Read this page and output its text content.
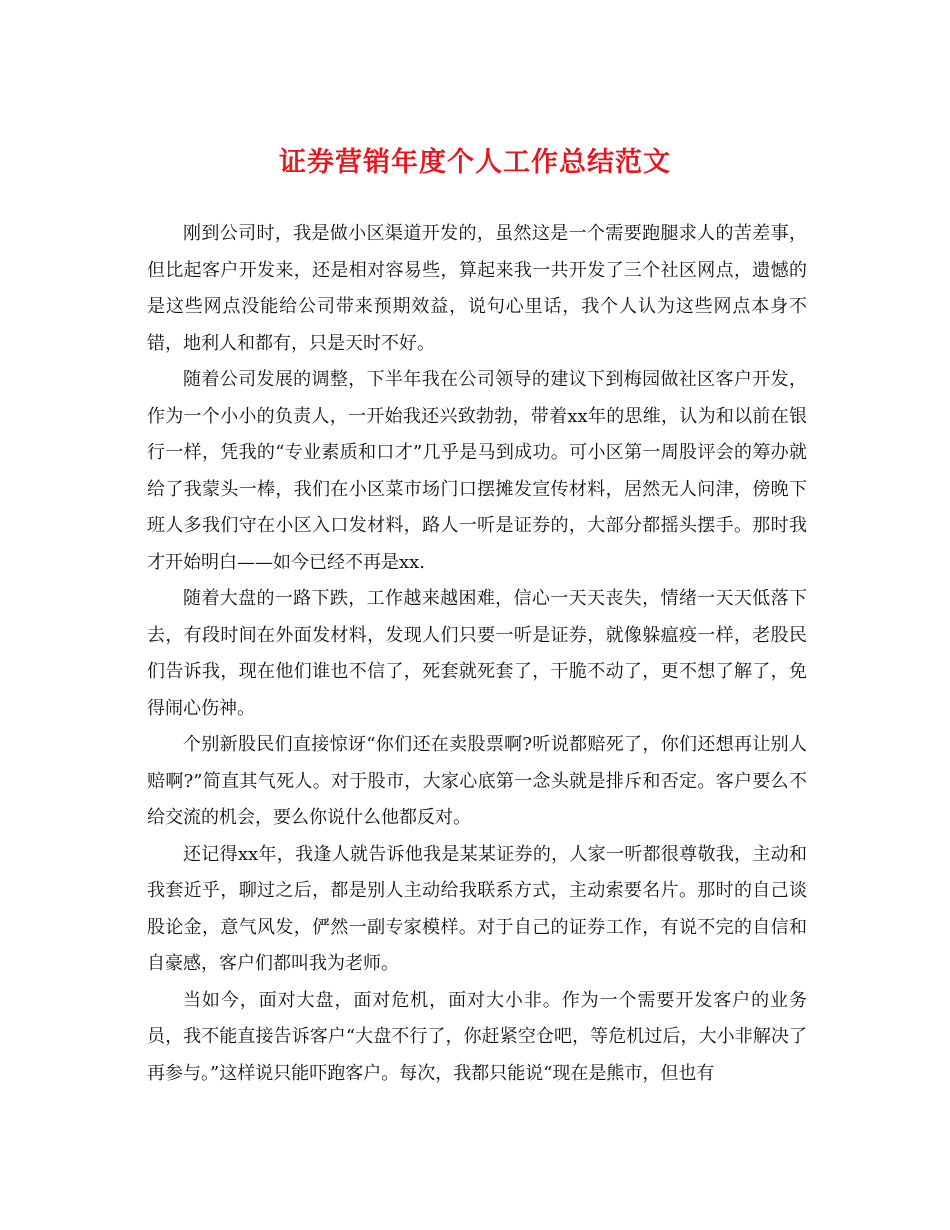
证券营销年度个人工作总结范文

刚到公司时，我是做小区渠道开发的，虽然这是一个需要跑腿求人的苦差事，但比起客户开发来，还是相对容易些，算起来我一共开发了三个社区网点，遗憾的是这些网点没能给公司带来预期效益，说句心里话，我个人认为这些网点本身不错，地利人和都有，只是天时不好。

随着公司发展的调整，下半年我在公司领导的建议下到梅园做社区客户开发，作为一个小小的负责人，一开始我还兴致勃勃，带着xx年的思维，认为和以前在银行一样，凭我的“专业素质和口才”几乎是马到成功。可小区第一周股评会的筹办就给了我蒙头一棒，我们在小区菜市场门口摆摊发宣传材料，居然无人问津，傍晚下班人多我们守在小区入口发材料，路人一听是证券的，大部分都摇头摆手。那时我才开始明白——如今已经不再是xx.

随着大盘的一路下跌，工作越来越困难，信心一天天丧失，情绪一天天低落下去，有段时间在外面发材料，发现人们只要一听是证券，就像躲瘟疫一样，老股民们告诉我，现在他们谁也不信了，死套就死套了，干脆不动了，更不想了解了，免得闹心伤神。

个别新股民们直接惊讶“你们还在卖股票啊?听说都赔死了，你们还想再让别人赔啊?”简直其气死人。对于股市，大家心底第一念头就是排斥和否定。客户要么不给交流的机会，要么你说什么他都反对。

还记得xx年，我逢人就告诉他我是某某证券的，人家一听都很尊敬我，主动和我套近乎，聊过之后，都是别人主动给我联系方式，主动索要名片。那时的自己谈股论金，意气风发，俨然一副专家模样。对于自己的证券工作，有说不完的自信和自豪感，客户们都叫我为老师。

当如今，面对大盘，面对危机，面对大小非。作为一个需要开发客户的业务员，我不能直接告诉客户“大盘不行了，你赶紧空仓吧，等危机过后，大小非解决了再参与。”这样说只能吓跑客户。每次，我都只能说“现在是熊市，但也有
